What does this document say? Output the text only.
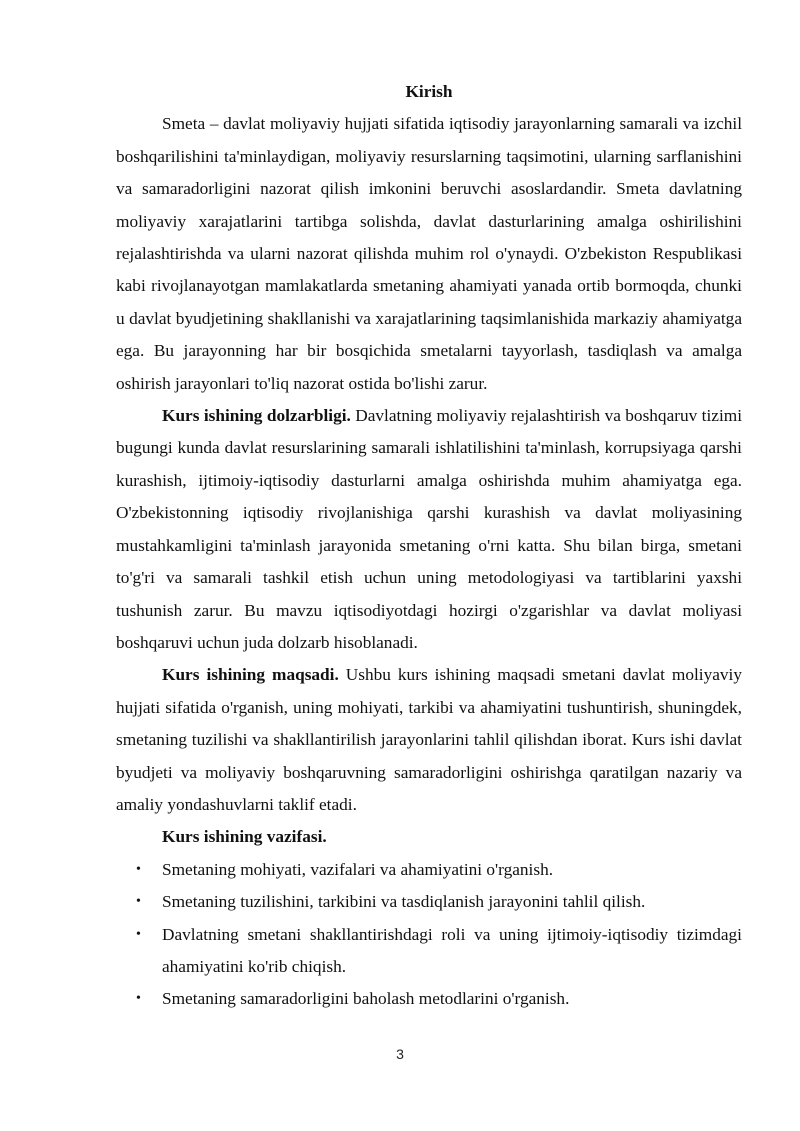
Kirish

Smeta – davlat moliyaviy hujjati sifatida iqtisodiy jarayonlarning samarali va izchil boshqarilishini ta'minlaydigan, moliyaviy resurslarning taqsimotini, ularning sarflanishini va samaradorligini nazorat qilish imkonini beruvchi asoslardandir. Smeta davlatning moliyaviy xarajatlarini tartibga solishda, davlat dasturlarining amalga oshirilishini rejalashtirishda va ularni nazorat qilishda muhim rol o'ynaydi. O'zbekiston Respublikasi kabi rivojlanayotgan mamlakatlarda smetaning ahamiyati yanada ortib bormoqda, chunki u davlat byudjetining shakllanishi va xarajatlarining taqsimlanishida markaziy ahamiyatga ega. Bu jarayonning har bir bosqichida smetalarni tayyorlash, tasdiqlash va amalga oshirish jarayonlari to'liq nazorat ostida bo'lishi zarur.

Kurs ishining dolzarbligi. Davlatning moliyaviy rejalashtirish va boshqaruv tizimi bugungi kunda davlat resurslarining samarali ishlatilishini ta'minlash, korrupsiyaga qarshi kurashish, ijtimoiy-iqtisodiy dasturlarni amalga oshirishda muhim ahamiyatga ega. O'zbekistonning iqtisodiy rivojlanishiga qarshi kurashish va davlat moliyasining mustahkamligini ta'minlash jarayonida smetaning o'rni katta. Shu bilan birga, smetani to'g'ri va samarali tashkil etish uchun uning metodologiyasi va tartiblarini yaxshi tushunish zarur. Bu mavzu iqtisodiyotdagi hozirgi o'zgarishlar va davlat moliyasi boshqaruvi uchun juda dolzarb hisoblanadi.

Kurs ishining maqsadi. Ushbu kurs ishining maqsadi smetani davlat moliyaviy hujjati sifatida o'rganish, uning mohiyati, tarkibi va ahamiyatini tushuntirish, shuningdek, smetaning tuzilishi va shakllantirilish jarayonlarini tahlil qilishdan iborat. Kurs ishi davlat byudjeti va moliyaviy boshqaruvning samaradorligini oshirishga qaratilgan nazariy va amaliy yondashuvlarni taklif etadi.

Kurs ishining vazifasi.

• Smetaning mohiyati, vazifalari va ahamiyatini o'rganish.
• Smetaning tuzilishini, tarkibini va tasdiqlanish jarayonini tahlil qilish.
• Davlatning smetani shakllantirishdagi roli va uning ijtimoiy-iqtisodiy tizimdagi ahamiyatini ko'rib chiqish.
• Smetaning samaradorligini baholash metodlarini o'rganish.
3
